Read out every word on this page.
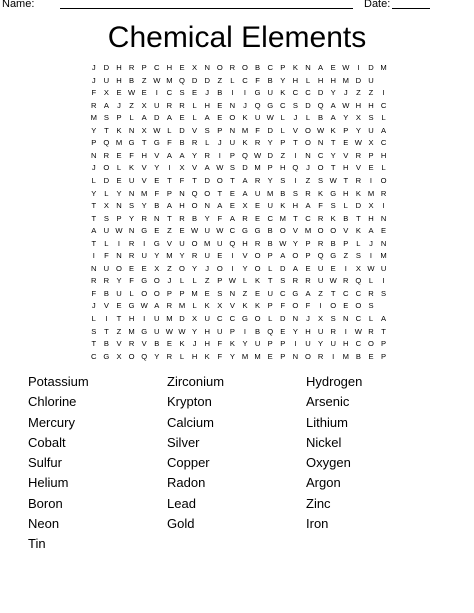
Name:	Date:
Chemical Elements
J	D H R P C H E X N O R O B C P K N A E W	I	D M
J	U H B	Z W M Q D D Z	L	C F	B Y H	L	H H M D U
F	X E W E	I	C S E	J	B	I	I	G U K C C D Y	J	Z	Z	I
R A	J	Z	X U R R	L	H E N	J	Q G C S D Q A W H H C
M S P	L	A D A E	L	A E O K U W L	J	L	B A Y X S	L
Y	T	K N X W L	D V S P N M F D	L	V O W K P Y U A
P Q M G T G F	B R	L	J	U K R Y P	T O N T	E W X C
N R E	F H V A A Y R	I	P Q W D Z	I	N C Y V R P H
J	O L	K V Y	I	X V A W S D M P H Q	J	O T H V E	L
L	D E U V E	T	F	T D O T	A R Y S	I	Z	S W T R	I	O
Y	L	Y N M F	P N Q O T	E A U M B S R K G H K M R
T	X N S Y B A H O N A E X E U K H A	F	S	L	D X	I
T	S P Y R N T R B Y	F	A R E C M T C R K B	T H N
A U W N G E	Z	E W U W C G G B O V M O O V K A E
T	L	I	R	I	G V U O M U Q H R B W Y P R B P	L	J	N
I	F N R U Y M Y R U E	I	V O P A O P Q G Z	S	I	M
N U O E E X	Z O Y	J	O	I	Y O L	D A E U E	I	X W U
R R Y	F G O	J	L	L	Z	P W L	K	T	S R R U W R Q L	I
F	B U	L O O P P M E S N Z	E U C G A	Z	T C C R S
J	V E G W A R M L	K X V K K P	F O F	I	O E O S
L	I	T H	I	U M D X U C C G O L	D N	J	X S N C	L	A
S	T	Z M G U W W Y H U P	I	B Q E Y H U R	I	W R T
T	B V R V B E K	J	H F	K Y U P P	I	U Y U H C O P
C G X O Q Y R	L	H K	F	Y M M E P N O R	I	M B E P
Potassium
Chlorine
Mercury
Cobalt
Sulfur
Helium
Boron
Neon
Tin
Zirconium
Krypton
Calcium
Silver
Copper
Radon
Lead
Gold
Hydrogen
Arsenic
Lithium
Nickel
Oxygen
Argon
Zinc
Iron
